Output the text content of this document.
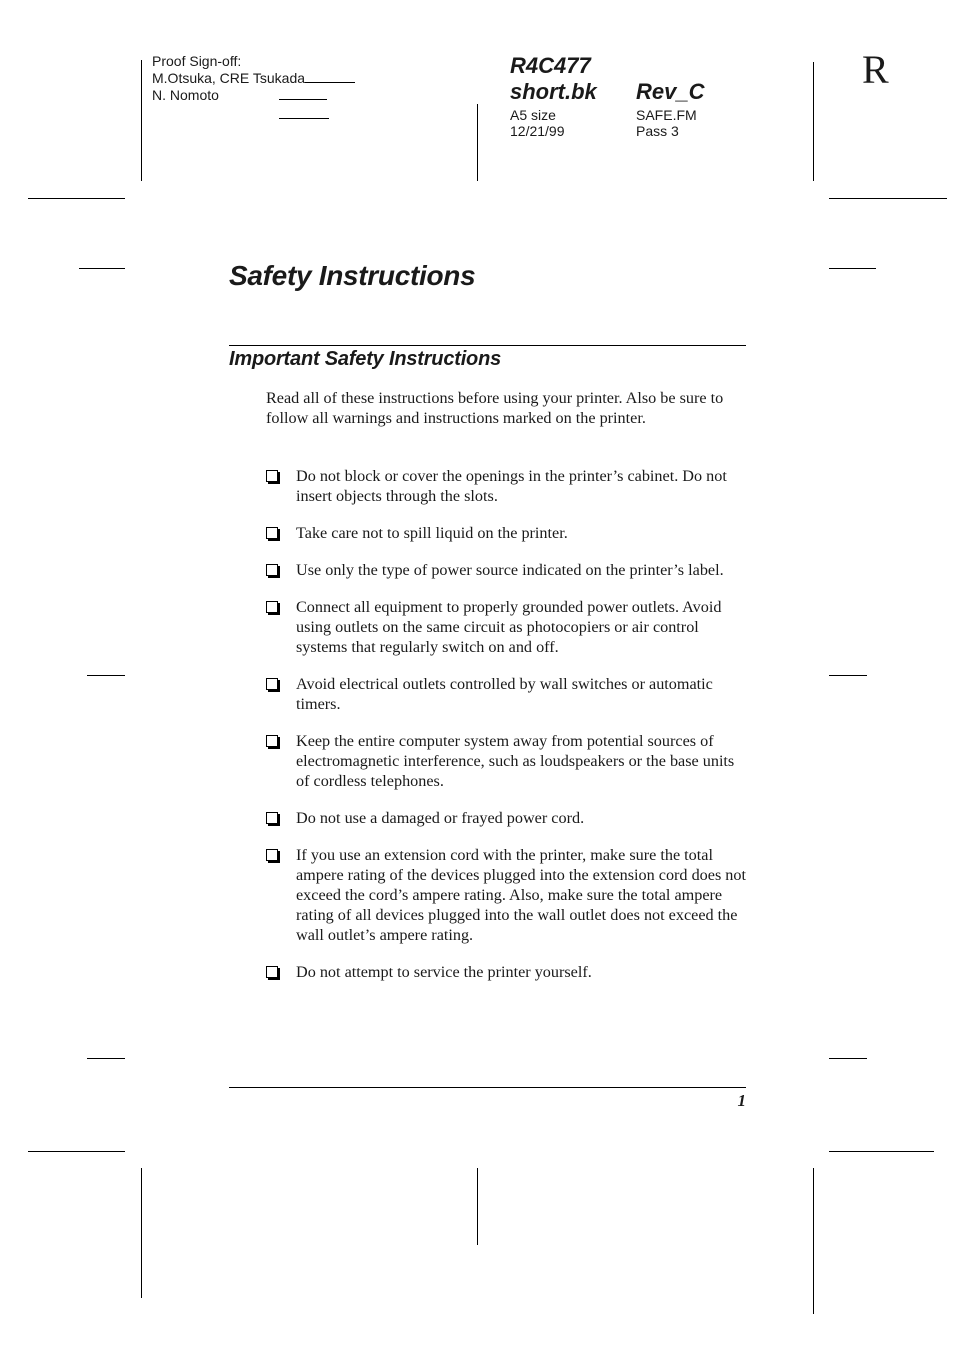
Proof Sign-off:
M.Otsuka, CRE Tsukada
N. Nomoto
R4C477
short.bk Rev_C
A5 size	SAFE.FM
12/21/99	Pass 3
R
Safety Instructions
Important Safety Instructions
Read all of these instructions before using your printer. Also be sure to follow all warnings and instructions marked on the printer.
Do not block or cover the openings in the printer’s cabinet. Do not insert objects through the slots.
Take care not to spill liquid on the printer.
Use only the type of power source indicated on the printer’s label.
Connect all equipment to properly grounded power outlets. Avoid using outlets on the same circuit as photocopiers or air control systems that regularly switch on and off.
Avoid electrical outlets controlled by wall switches or automatic timers.
Keep the entire computer system away from potential sources of electromagnetic interference, such as loudspeakers or the base units of cordless telephones.
Do not use a damaged or frayed power cord.
If you use an extension cord with the printer, make sure the total ampere rating of the devices plugged into the extension cord does not exceed the cord’s ampere rating. Also, make sure the total ampere rating of all devices plugged into the wall outlet does not exceed the wall outlet’s ampere rating.
Do not attempt to service the printer yourself.
1
